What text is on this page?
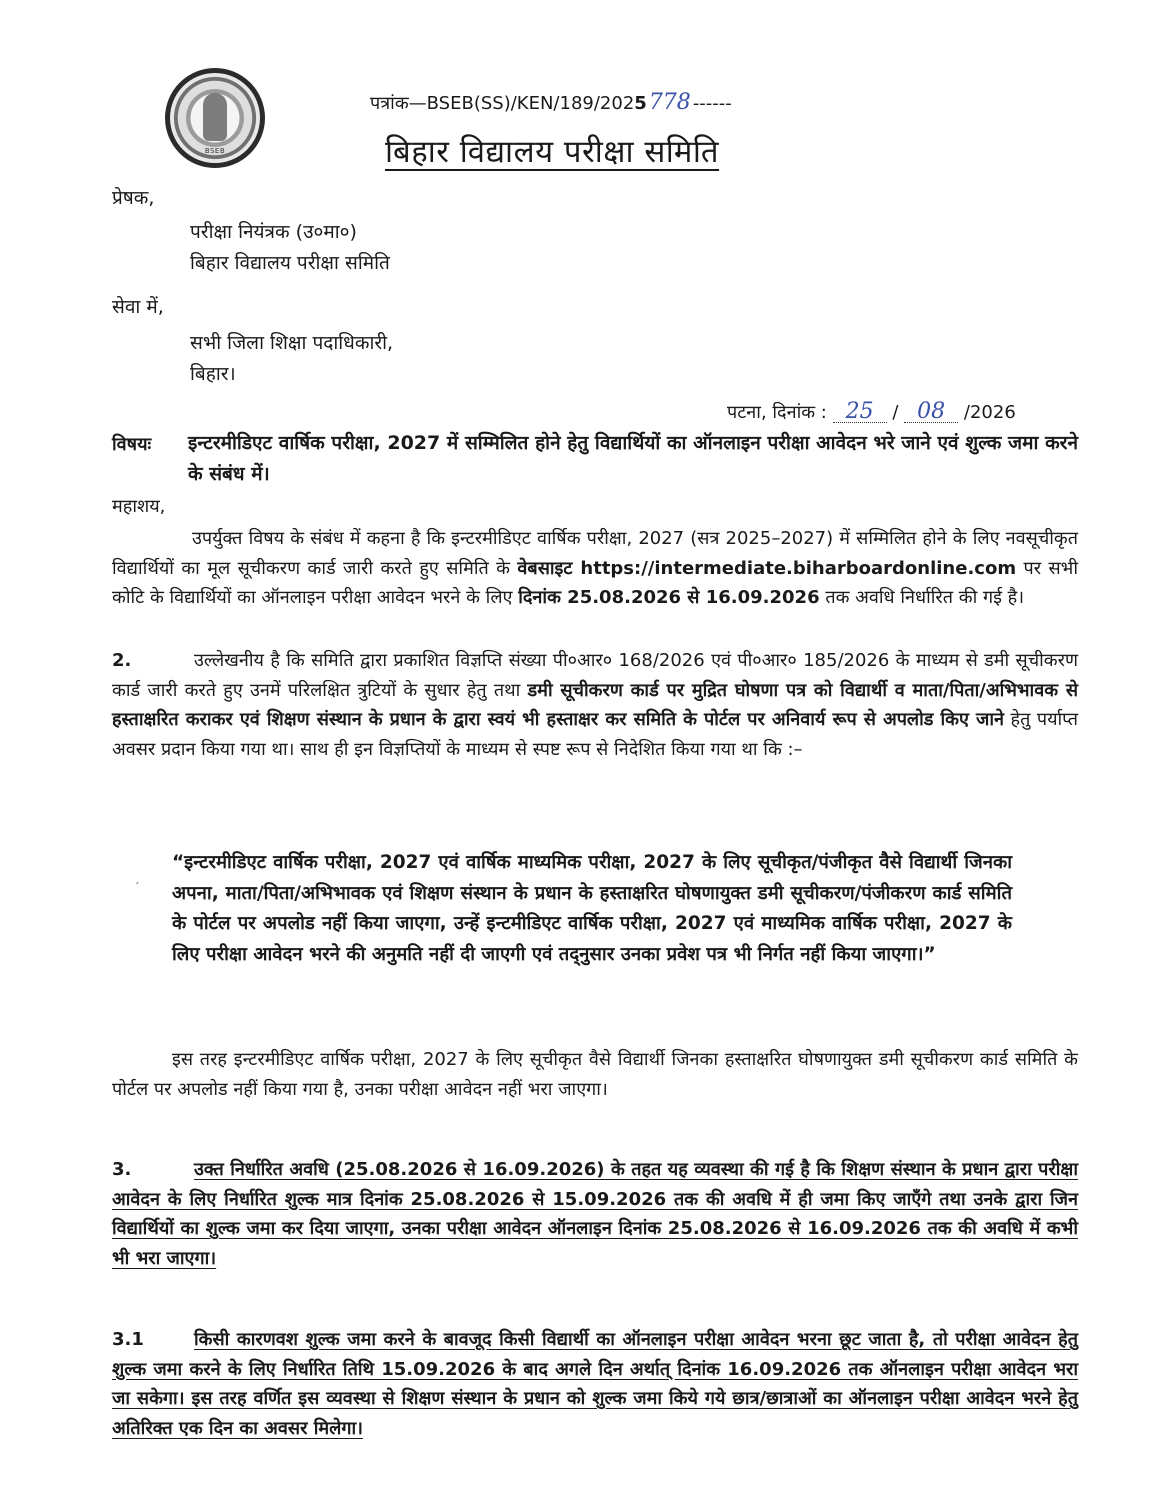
BSEB
पत्रांक—BSEB(SS)/KEN/189/2025778 ------
बिहार विद्यालय परीक्षा समिति
प्रेषक,
परीक्षा नियंत्रक (उ०मा०)
बिहार विद्यालय परीक्षा समिति
सेवा में,
सभी जिला शिक्षा पदाधिकारी,
बिहार।
पटना, दिनांक : 25 / 08 /2026
विषयः इन्टरमीडिएट वार्षिक परीक्षा, 2027 में सम्मिलित होने हेतु विद्यार्थियों का ऑनलाइन परीक्षा आवेदन भरे जाने एवं शुल्क जमा करने के संबंध में।
महाशय,
उपर्युक्त विषय के संबंध में कहना है कि इन्टरमीडिएट वार्षिक परीक्षा, 2027 (सत्र 2025–2027) में सम्मिलित होने के लिए नवसूचीकृत विद्यार्थियों का मूल सूचीकरण कार्ड जारी करते हुए समिति के वेबसाइट https://intermediate.biharboardonline.com पर सभी कोटि के विद्यार्थियों का ऑनलाइन परीक्षा आवेदन भरने के लिए दिनांक 25.08.2026 से 16.09.2026 तक अवधि निर्धारित की गई है।
2.	उल्लेखनीय है कि समिति द्वारा प्रकाशित विज्ञप्ति संख्या पी०आर० 168/2026 एवं पी०आर० 185/2026 के माध्यम से डमी सूचीकरण कार्ड जारी करते हुए उनमें परिलक्षित त्रुटियों के सुधार हेतु तथा डमी सूचीकरण कार्ड पर मुद्रित घोषणा पत्र को विद्यार्थी व माता/पिता/अभिभावक से हस्ताक्षरित कराकर एवं शिक्षण संस्थान के प्रधान के द्वारा स्वयं भी हस्ताक्षर कर समिति के पोर्टल पर अनिवार्य रूप से अपलोड किए जाने हेतु पर्याप्त अवसर प्रदान किया गया था। साथ ही इन विज्ञप्तियों के माध्यम से स्पष्ट रूप से निदेशित किया गया था कि :–
′
“इन्टरमीडिएट वार्षिक परीक्षा, 2027 एवं वार्षिक माध्यमिक परीक्षा, 2027 के लिए सूचीकृत/पंजीकृत वैसे विद्यार्थी जिनका अपना, माता/पिता/अभिभावक एवं शिक्षण संस्थान के प्रधान के हस्ताक्षरित घोषणायुक्त डमी सूचीकरण/पंजीकरण कार्ड समिति के पोर्टल पर अपलोड नहीं किया जाएगा, उन्हें इन्टमीडिएट वार्षिक परीक्षा, 2027 एवं माध्यमिक वार्षिक परीक्षा, 2027 के लिए परीक्षा आवेदन भरने की अनुमति नहीं दी जाएगी एवं तद्नुसार उनका प्रवेश पत्र भी निर्गत नहीं किया जाएगा।”
इस तरह इन्टरमीडिएट वार्षिक परीक्षा, 2027 के लिए सूचीकृत वैसे विद्यार्थी जिनका हस्ताक्षरित घोषणायुक्त डमी सूचीकरण कार्ड समिति के पोर्टल पर अपलोड नहीं किया गया है, उनका परीक्षा आवेदन नहीं भरा जाएगा।
3.	उक्त निर्धारित अवधि (25.08.2026 से 16.09.2026) के तहत यह व्यवस्था की गई है कि शिक्षण संस्थान के प्रधान द्वारा परीक्षा आवेदन के लिए निर्धारित शुल्क मात्र दिनांक 25.08.2026 से 15.09.2026 तक की अवधि में ही जमा किए जाएँगे तथा उनके द्वारा जिन विद्यार्थियों का शुल्क जमा कर दिया जाएगा, उनका परीक्षा आवेदन ऑनलाइन दिनांक 25.08.2026 से 16.09.2026 तक की अवधि में कभी भी भरा जाएगा।
3.1	किसी कारणवश शुल्क जमा करने के बावजूद किसी विद्यार्थी का ऑनलाइन परीक्षा आवेदन भरना छूट जाता है, तो परीक्षा आवेदन हेतु शुल्क जमा करने के लिए निर्धारित तिथि 15.09.2026 के बाद अगले दिन अर्थात् दिनांक 16.09.2026 तक ऑनलाइन परीक्षा आवेदन भरा जा सकेगा। इस तरह वर्णित इस व्यवस्था से शिक्षण संस्थान के प्रधान को शुल्क जमा किये गये छात्र/छात्राओं का ऑनलाइन परीक्षा आवेदन भरने हेतु अतिरिक्त एक दिन का अवसर मिलेगा।
